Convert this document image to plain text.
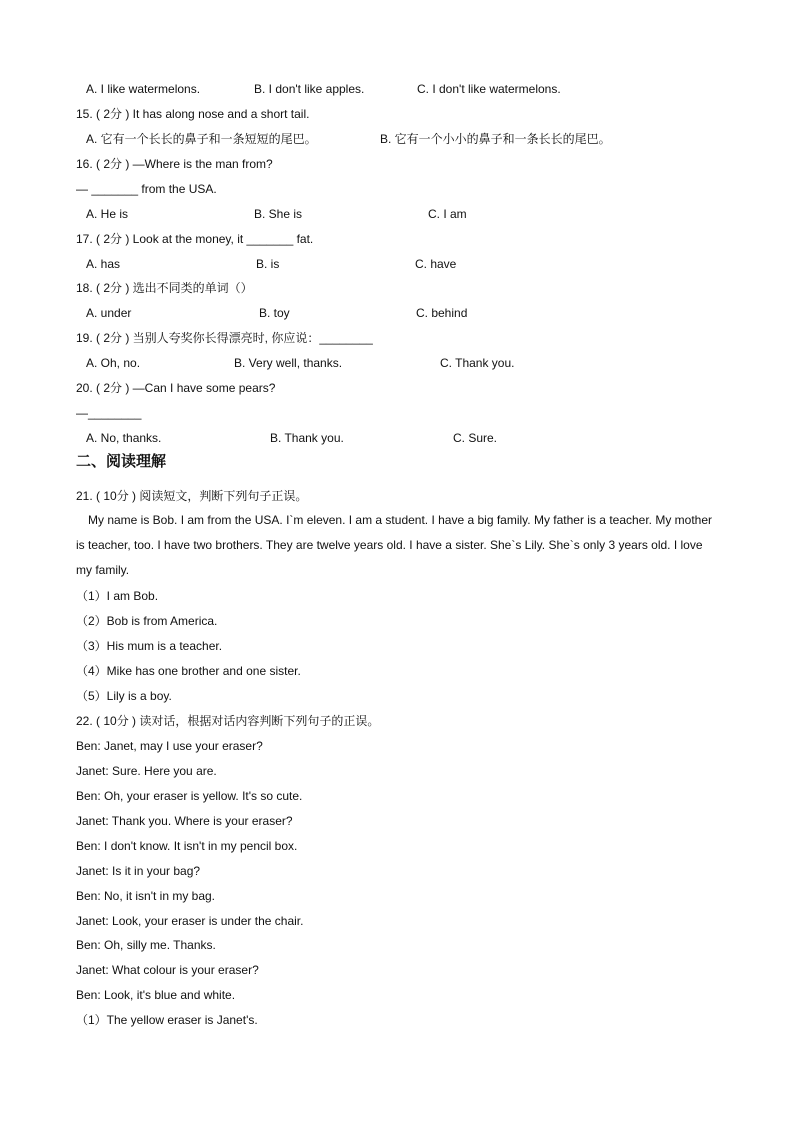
A. I like watermelons.	B. I don't like apples.	C. I don't like watermelons.
15. ( 2分 ) It has along nose and a short tail.
A. 它有一个长长的鼻子和一条短短的尾巴。	B. 它有一个小小的鼻子和一条长长的尾巴。
16. ( 2分 ) —Where is the man from?
— _______ from the USA.
A. He is	B. She is	C. I am
17. ( 2分 ) Look at the money, it _______ fat.
A. has	B. is	C. have
18. ( 2分 ) 选出不同类的单词（）
A. under	B. toy	C. behind
19. ( 2分 ) 当别人夸奖你长得漂亮时, 你应说：________
A. Oh, no.	B. Very well, thanks.	C. Thank you.
20. ( 2分 ) —Can I have some pears?
—________
A. No, thanks.	B. Thank you.	C. Sure.
二、阅读理解
21. ( 10分 ) 阅读短文，判断下列句子正误。
My name is Bob. I am from the USA. I`m eleven. I am a student. I have a big family. My father is a teacher. My mother is teacher, too. I have two brothers. They are twelve years old. I have a sister. She`s Lily. She`s only 3 years old. I love my family.
（1）I am Bob.
（2）Bob is from America.
（3）His mum is a teacher.
（4）Mike has one brother and one sister.
（5）Lily is a boy.
22. ( 10分 ) 读对话，根据对话内容判断下列句子的正误。
Ben: Janet, may I use your eraser?
Janet: Sure. Here you are.
Ben: Oh, your eraser is yellow. It's so cute.
Janet: Thank you. Where is your eraser?
Ben: I don't know. It isn't in my pencil box.
Janet: Is it in your bag?
Ben: No, it isn't in my bag.
Janet: Look, your eraser is under the chair.
Ben: Oh, silly me. Thanks.
Janet: What colour is your eraser?
Ben: Look, it's blue and white.
（1）The yellow eraser is Janet's.
